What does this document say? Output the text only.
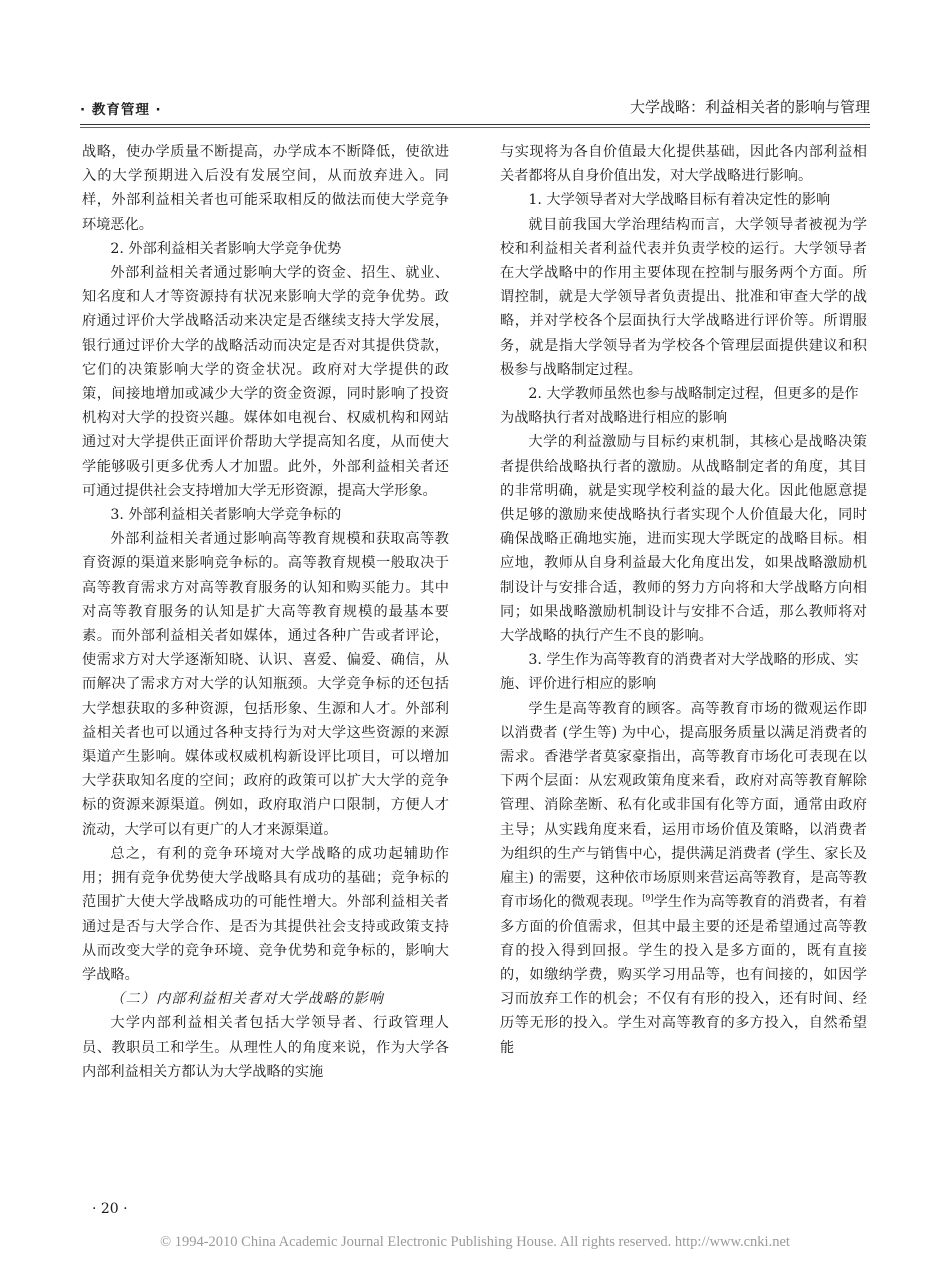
· 教育管理 ·	大学战略：利益相关者的影响与管理

战略，使办学质量不断提高，办学成本不断降低，使欲进入的大学预期进入后没有发展空间，从而放弃进入。同样，外部利益相关者也可能采取相反的做法而使大学竞争环境恶化。

2. 外部利益相关者影响大学竞争优势

外部利益相关者通过影响大学的资金、招生、就业、知名度和人才等资源持有状况来影响大学的竞争优势。政府通过评价大学战略活动来决定是否继续支持大学发展，银行通过评价大学的战略活动而决定是否对其提供贷款，它们的决策影响大学的资金状况。政府对大学提供的政策，间接地增加或减少大学的资金资源，同时影响了投资机构对大学的投资兴趣。媒体如电视台、权威机构和网站通过对大学提供正面评价帮助大学提高知名度，从而使大学能够吸引更多优秀人才加盟。此外，外部利益相关者还可通过提供社会支持增加大学无形资源，提高大学形象。

3. 外部利益相关者影响大学竞争标的

外部利益相关者通过影响高等教育规模和获取高等教育资源的渠道来影响竞争标的。高等教育规模一般取决于高等教育需求方对高等教育服务的认知和购买能力。其中对高等教育服务的认知是扩大高等教育规模的最基本要素。而外部利益相关者如媒体，通过各种广告或者评论，使需求方对大学逐渐知晓、认识、喜爱、偏爱、确信，从而解决了需求方对大学的认知瓶颈。大学竞争标的还包括大学想获取的多种资源，包括形象、生源和人才。外部利益相关者也可以通过各种支持行为对大学这些资源的来源渠道产生影响。媒体或权威机构新设评比项目，可以增加大学获取知名度的空间；政府的政策可以扩大大学的竞争标的资源来源渠道。例如，政府取消户口限制，方便人才流动，大学可以有更广的人才来源渠道。

总之，有利的竞争环境对大学战略的成功起辅助作用；拥有竞争优势使大学战略具有成功的基础；竞争标的范围扩大使大学战略成功的可能性增大。外部利益相关者通过是否与大学合作、是否为其提供社会支持或政策支持从而改变大学的竞争环境、竞争优势和竞争标的，影响大学战略。

（二）内部利益相关者对大学战略的影响

大学内部利益相关者包括大学领导者、行政管理人员、教职员工和学生。从理性人的角度来说，作为大学各内部利益相关方都认为大学战略的实施

与实现将为各自价值最大化提供基础，因此各内部利益相关者都将从自身价值出发，对大学战略进行影响。

1. 大学领导者对大学战略目标有着决定性的影响

就目前我国大学治理结构而言，大学领导者被视为学校和利益相关者利益代表并负责学校的运行。大学领导者在大学战略中的作用主要体现在控制与服务两个方面。所谓控制，就是大学领导者负责提出、批准和审查大学的战略，并对学校各个层面执行大学战略进行评价等。所谓服务，就是指大学领导者为学校各个管理层面提供建议和积极参与战略制定过程。

2. 大学教师虽然也参与战略制定过程，但更多的是作为战略执行者对战略进行相应的影响

大学的利益激励与目标约束机制，其核心是战略决策者提供给战略执行者的激励。从战略制定者的角度，其目的非常明确，就是实现学校利益的最大化。因此他愿意提供足够的激励来使战略执行者实现个人价值最大化，同时确保战略正确地实施，进而实现大学既定的战略目标。相应地，教师从自身利益最大化角度出发，如果战略激励机制设计与安排合适，教师的努力方向将和大学战略方向相同；如果战略激励机制设计与安排不合适，那么教师将对大学战略的执行产生不良的影响。

3. 学生作为高等教育的消费者对大学战略的形成、实施、评价进行相应的影响

学生是高等教育的顾客。高等教育市场的微观运作即以消费者 (学生等) 为中心，提高服务质量以满足消费者的需求。香港学者莫家豪指出，高等教育市场化可表现在以下两个层面：从宏观政策角度来看，政府对高等教育解除管理、消除垄断、私有化或非国有化等方面，通常由政府主导；从实践角度来看，运用市场价值及策略，以消费者为组织的生产与销售中心，提供满足消费者 (学生、家长及雇主) 的需要，这种依市场原则来营运高等教育，是高等教育市场化的微观表现。[9]学生作为高等教育的消费者，有着多方面的价值需求，但其中最主要的还是希望通过高等教育的投入得到回报。学生的投入是多方面的，既有直接的，如缴纳学费，购买学习用品等，也有间接的，如因学习而放弃工作的机会；不仅有有形的投入，还有时间、经历等无形的投入。学生对高等教育的多方投入，自然希望能

· 20 ·
© 1994-2010 China Academic Journal Electronic Publishing House. All rights reserved. http://www.cnki.net
